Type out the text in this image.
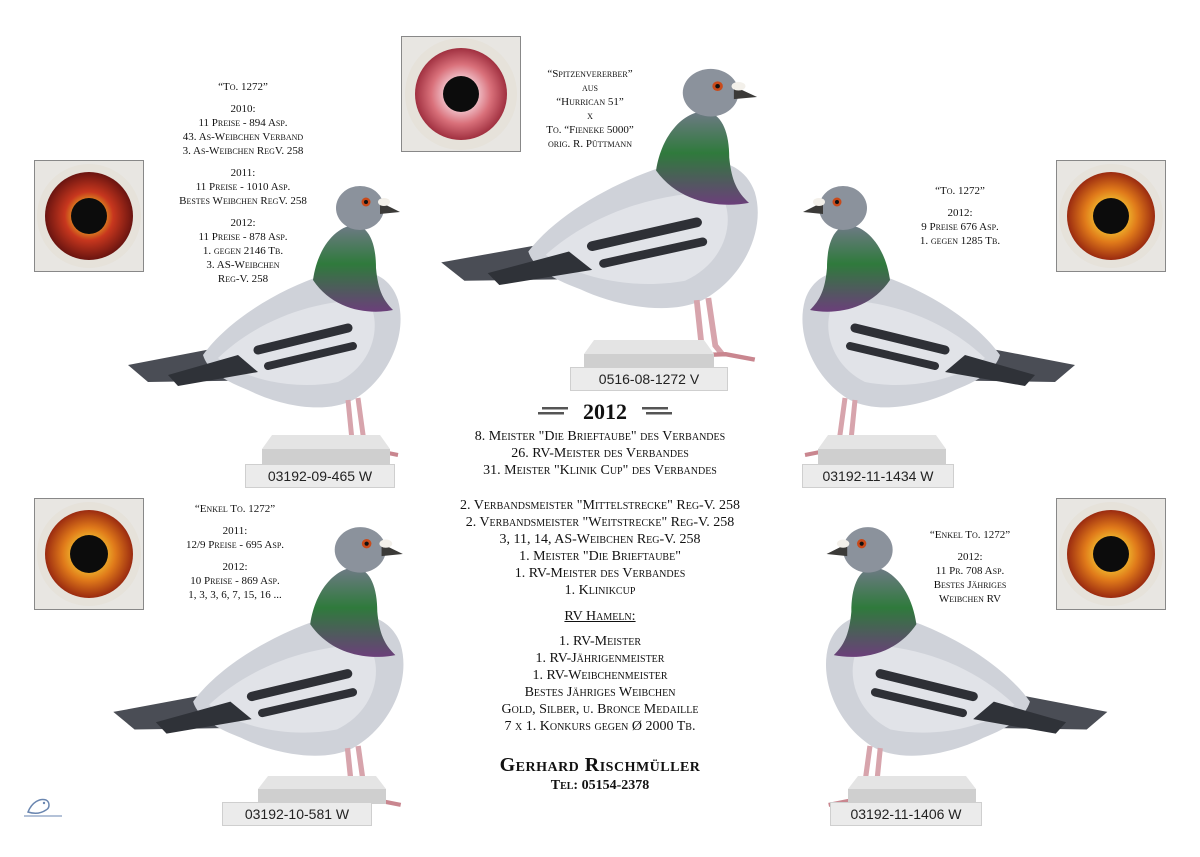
“To. 1272”
2010:
11 Preise - 894 Asp.
43. As-Weibchen Verband
3. As-Weibchen RegV. 258
2011:
11 Preise - 1010 Asp.
Bestes Weibchen RegV. 258
2012:
11 Preise - 878 Asp.
1. gegen 2146 Tb.
3. AS-Weibchen
Reg-V. 258
03192-09-465 W
“Spitzenvererber”
aus
“Hurrican 51”
x
To. “Fieneke 5000”
orig. R. Püttmann
0516-08-1272 V
“To. 1272”
2012:
9 Preise 676 Asp.
1. gegen 1285 Tb.
03192-11-1434 W
“Enkel To. 1272”
2011:
12/9 Preise - 695 Asp.
2012:
10 Preise - 869 Asp.
1, 3, 3, 6, 7, 15, 16 ...
03192-10-581 W
“Enkel To. 1272”
2012:
11 Pr. 708 Asp.
Bestes Jähriges
Weibchen RV
03192-11-1406 W
2012
8. Meister "Die Brieftaube" des Verbandes
26. RV-Meister des Verbandes
31. Meister "Klinik Cup" des Verbandes
2. Verbandsmeister "Mittelstrecke" Reg-V. 258
2. Verbandsmeister "Weitstrecke" Reg-V. 258
3, 11, 14, AS-Weibchen Reg-V. 258
1. Meister "Die Brieftaube"
1. RV-Meister des Verbandes
1. Klinikcup
RV Hameln:
1. RV-Meister
1. RV-Jährigenmeister
1. RV-Weibchenmeister
Bestes Jähriges Weibchen
Gold, Silber, u. Bronce Medaille
7 x 1. Konkurs gegen Ø 2000 Tb.
Gerhard Rischmüller
Tel: 05154-2378
